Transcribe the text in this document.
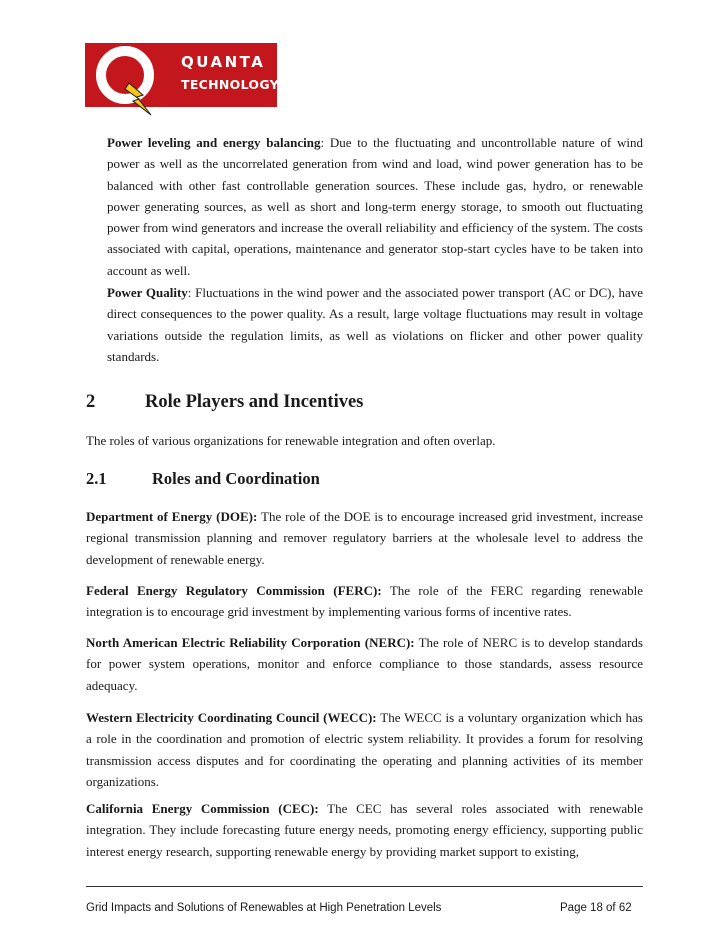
QUANTA
TECHNOLOGY

Power leveling and energy balancing: Due to the fluctuating and uncontrollable nature of wind power as well as the uncorrelated generation from wind and load, wind power generation has to be balanced with other fast controllable generation sources. These include gas, hydro, or renewable power generating sources, as well as short and long-term energy storage, to smooth out fluctuating power from wind generators and increase the overall reliability and efficiency of the system. The costs associated with capital, operations, maintenance and generator stop-start cycles have to be taken into account as well.

Power Quality: Fluctuations in the wind power and the associated power transport (AC or DC), have direct consequences to the power quality. As a result, large voltage fluctuations may result in voltage variations outside the regulation limits, as well as violations on flicker and other power quality standards.

2	Role Players and Incentives

The roles of various organizations for renewable integration and often overlap.

2.1	Roles and Coordination

Department of Energy (DOE): The role of the DOE is to encourage increased grid investment, increase regional transmission planning and remover regulatory barriers at the wholesale level to address the development of renewable energy.

Federal Energy Regulatory Commission (FERC): The role of the FERC regarding renewable integration is to encourage grid investment by implementing various forms of incentive rates.

North American Electric Reliability Corporation (NERC): The role of NERC is to develop standards for power system operations, monitor and enforce compliance to those standards, assess resource adequacy.

Western Electricity Coordinating Council (WECC): The WECC is a voluntary organization which has a role in the coordination and promotion of electric system reliability. It provides a forum for resolving transmission access disputes and for coordinating the operating and planning activities of its member organizations.

California Energy Commission (CEC): The CEC has several roles associated with renewable integration. They include forecasting future energy needs, promoting energy efficiency, supporting public interest energy research, supporting renewable energy by providing market support to existing,

Grid Impacts and Solutions of Renewables at High Penetration Levels	Page 18 of 62
